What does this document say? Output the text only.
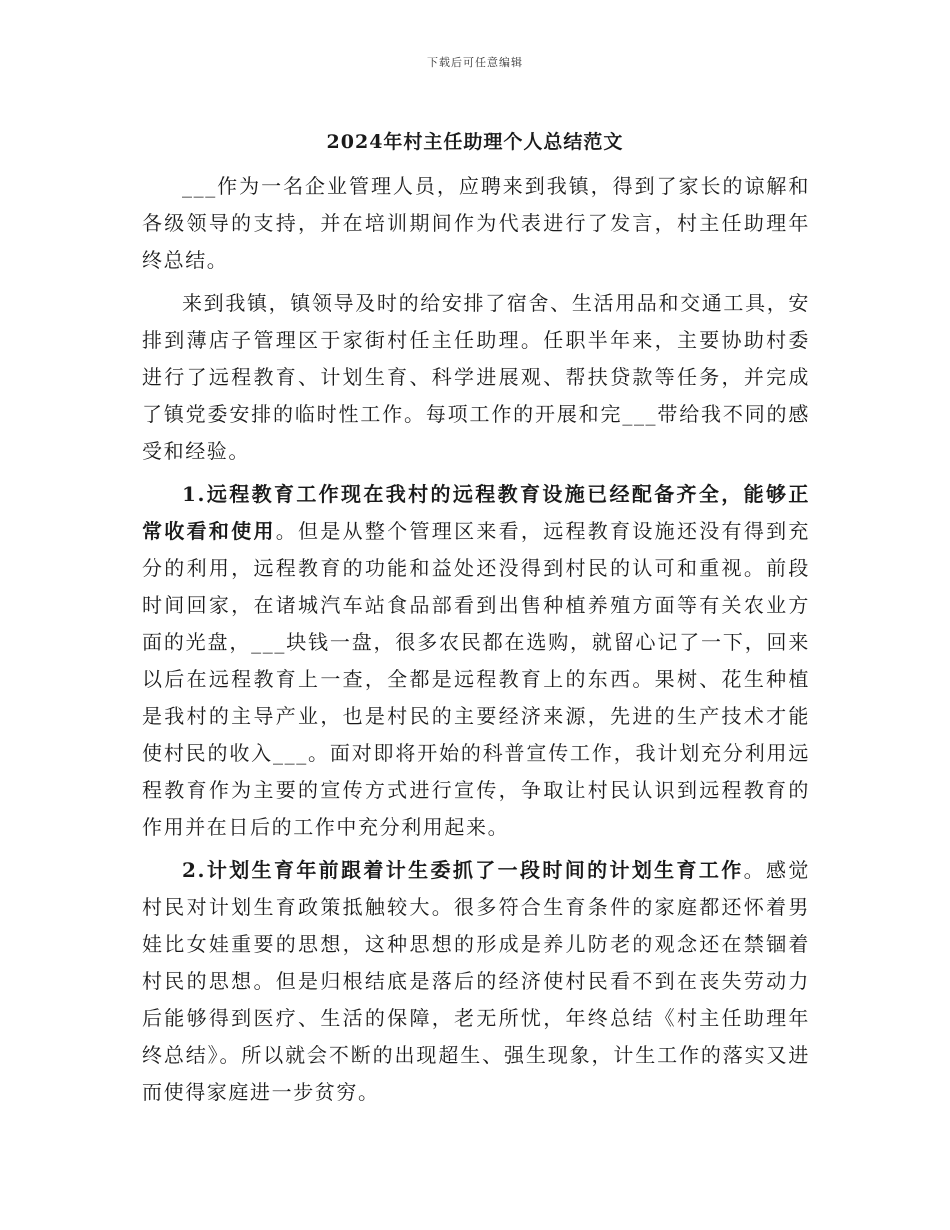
下载后可任意编辑
2024年村主任助理个人总结范文

___作为一名企业管理人员，应聘来到我镇，得到了家长的谅解和各级领导的支持，并在培训期间作为代表进行了发言，村主任助理年终总结。

来到我镇，镇领导及时的给安排了宿舍、生活用品和交通工具，安排到薄店子管理区于家街村任主任助理。任职半年来，主要协助村委进行了远程教育、计划生育、科学进展观、帮扶贷款等任务，并完成了镇党委安排的临时性工作。每项工作的开展和完___带给我不同的感受和经验。

1.远程教育工作现在我村的远程教育设施已经配备齐全，能够正常收看和使用。但是从整个管理区来看，远程教育设施还没有得到充分的利用，远程教育的功能和益处还没得到村民的认可和重视。前段时间回家，在诸城汽车站食品部看到出售种植养殖方面等有关农业方面的光盘，___块钱一盘，很多农民都在选购，就留心记了一下，回来以后在远程教育上一查，全都是远程教育上的东西。果树、花生种植是我村的主导产业，也是村民的主要经济来源，先进的生产技术才能使村民的收入___。面对即将开始的科普宣传工作，我计划充分利用远程教育作为主要的宣传方式进行宣传，争取让村民认识到远程教育的作用并在日后的工作中充分利用起来。

2.计划生育年前跟着计生委抓了一段时间的计划生育工作。感觉村民对计划生育政策抵触较大。很多符合生育条件的家庭都还怀着男娃比女娃重要的思想，这种思想的形成是养儿防老的观念还在禁锢着村民的思想。但是归根结底是落后的经济使村民看不到在丧失劳动力后能够得到医疗、生活的保障，老无所忧，年终总结《村主任助理年终总结》。所以就会不断的出现超生、强生现象，计生工作的落实又进而使得家庭进一步贫穷。
